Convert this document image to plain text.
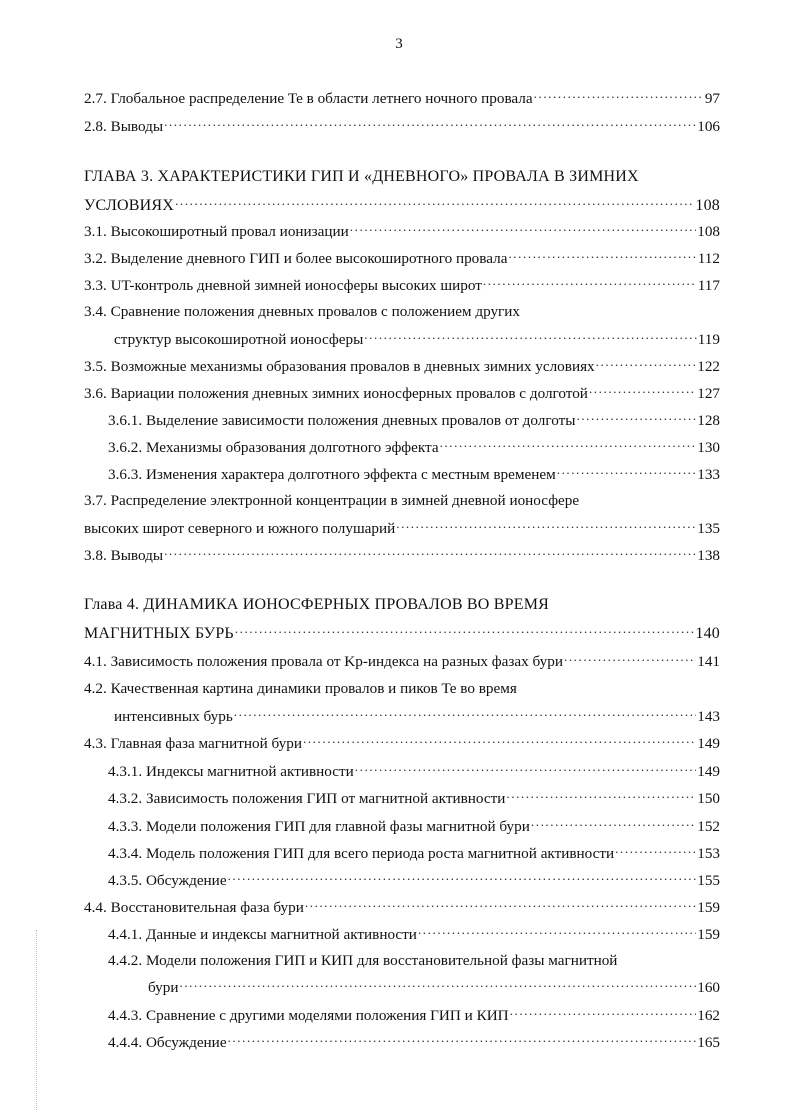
3
2.7. Глобальное распределение Te в области летнего ночного провала .....	97
2.8. Выводы .....	106
ГЛАВА 3. ХАРАКТЕРИСТИКИ ГИП И «ДНЕВНОГО» ПРОВАЛА В ЗИМНИХ
УСЛОВИЯХ .....	108
3.1. Высокоширотный провал ионизации .....	108
3.2. Выделение дневного ГИП и более высокоширотного провала .....	112
3.3. UT-контроль дневной зимней ионосферы высоких широт .....	117
3.4. Сравнение положения дневных провалов с положением других
структур высокоширотной ионосферы .....	119
3.5. Возможные механизмы образования провалов в дневных зимних условиях .....	122
3.6. Вариации положения дневных зимних ионосферных провалов с долготой .....	127
3.6.1. Выделение зависимости положения дневных провалов от долготы .....	128
3.6.2. Механизмы образования долготного эффекта .....	130
3.6.3. Изменения характера долготного эффекта с местным временем .....	133
3.7. Распределение электронной концентрации в зимней дневной ионосфере
высоких широт северного и южного полушарий .....	135
3.8. Выводы .....	138
Глава 4. ДИНАМИКА ИОНОСФЕРНЫХ ПРОВАЛОВ ВО ВРЕМЯ
МАГНИТНЫХ БУРЬ .....	140
4.1. Зависимость положения провала от Kp-индекса на разных фазах бури .....	141
4.2. Качественная картина динамики провалов и пиков Te во время
интенсивных бурь .....	143
4.3. Главная фаза магнитной бури .....	149
4.3.1. Индексы магнитной активности .....	149
4.3.2. Зависимость положения ГИП от магнитной активности .....	150
4.3.3. Модели положения ГИП для главной фазы магнитной бури .....	152
4.3.4. Модель положения ГИП для всего периода роста магнитной активности .....	153
4.3.5. Обсуждение .....	155
4.4. Восстановительная фаза бури .....	159
4.4.1. Данные и индексы магнитной активности .....	159
4.4.2. Модели положения ГИП и КИП для восстановительной фазы магнитной
бури .....	160
4.4.3. Сравнение с другими моделями положения ГИП и КИП .....	162
4.4.4. Обсуждение .....	165
